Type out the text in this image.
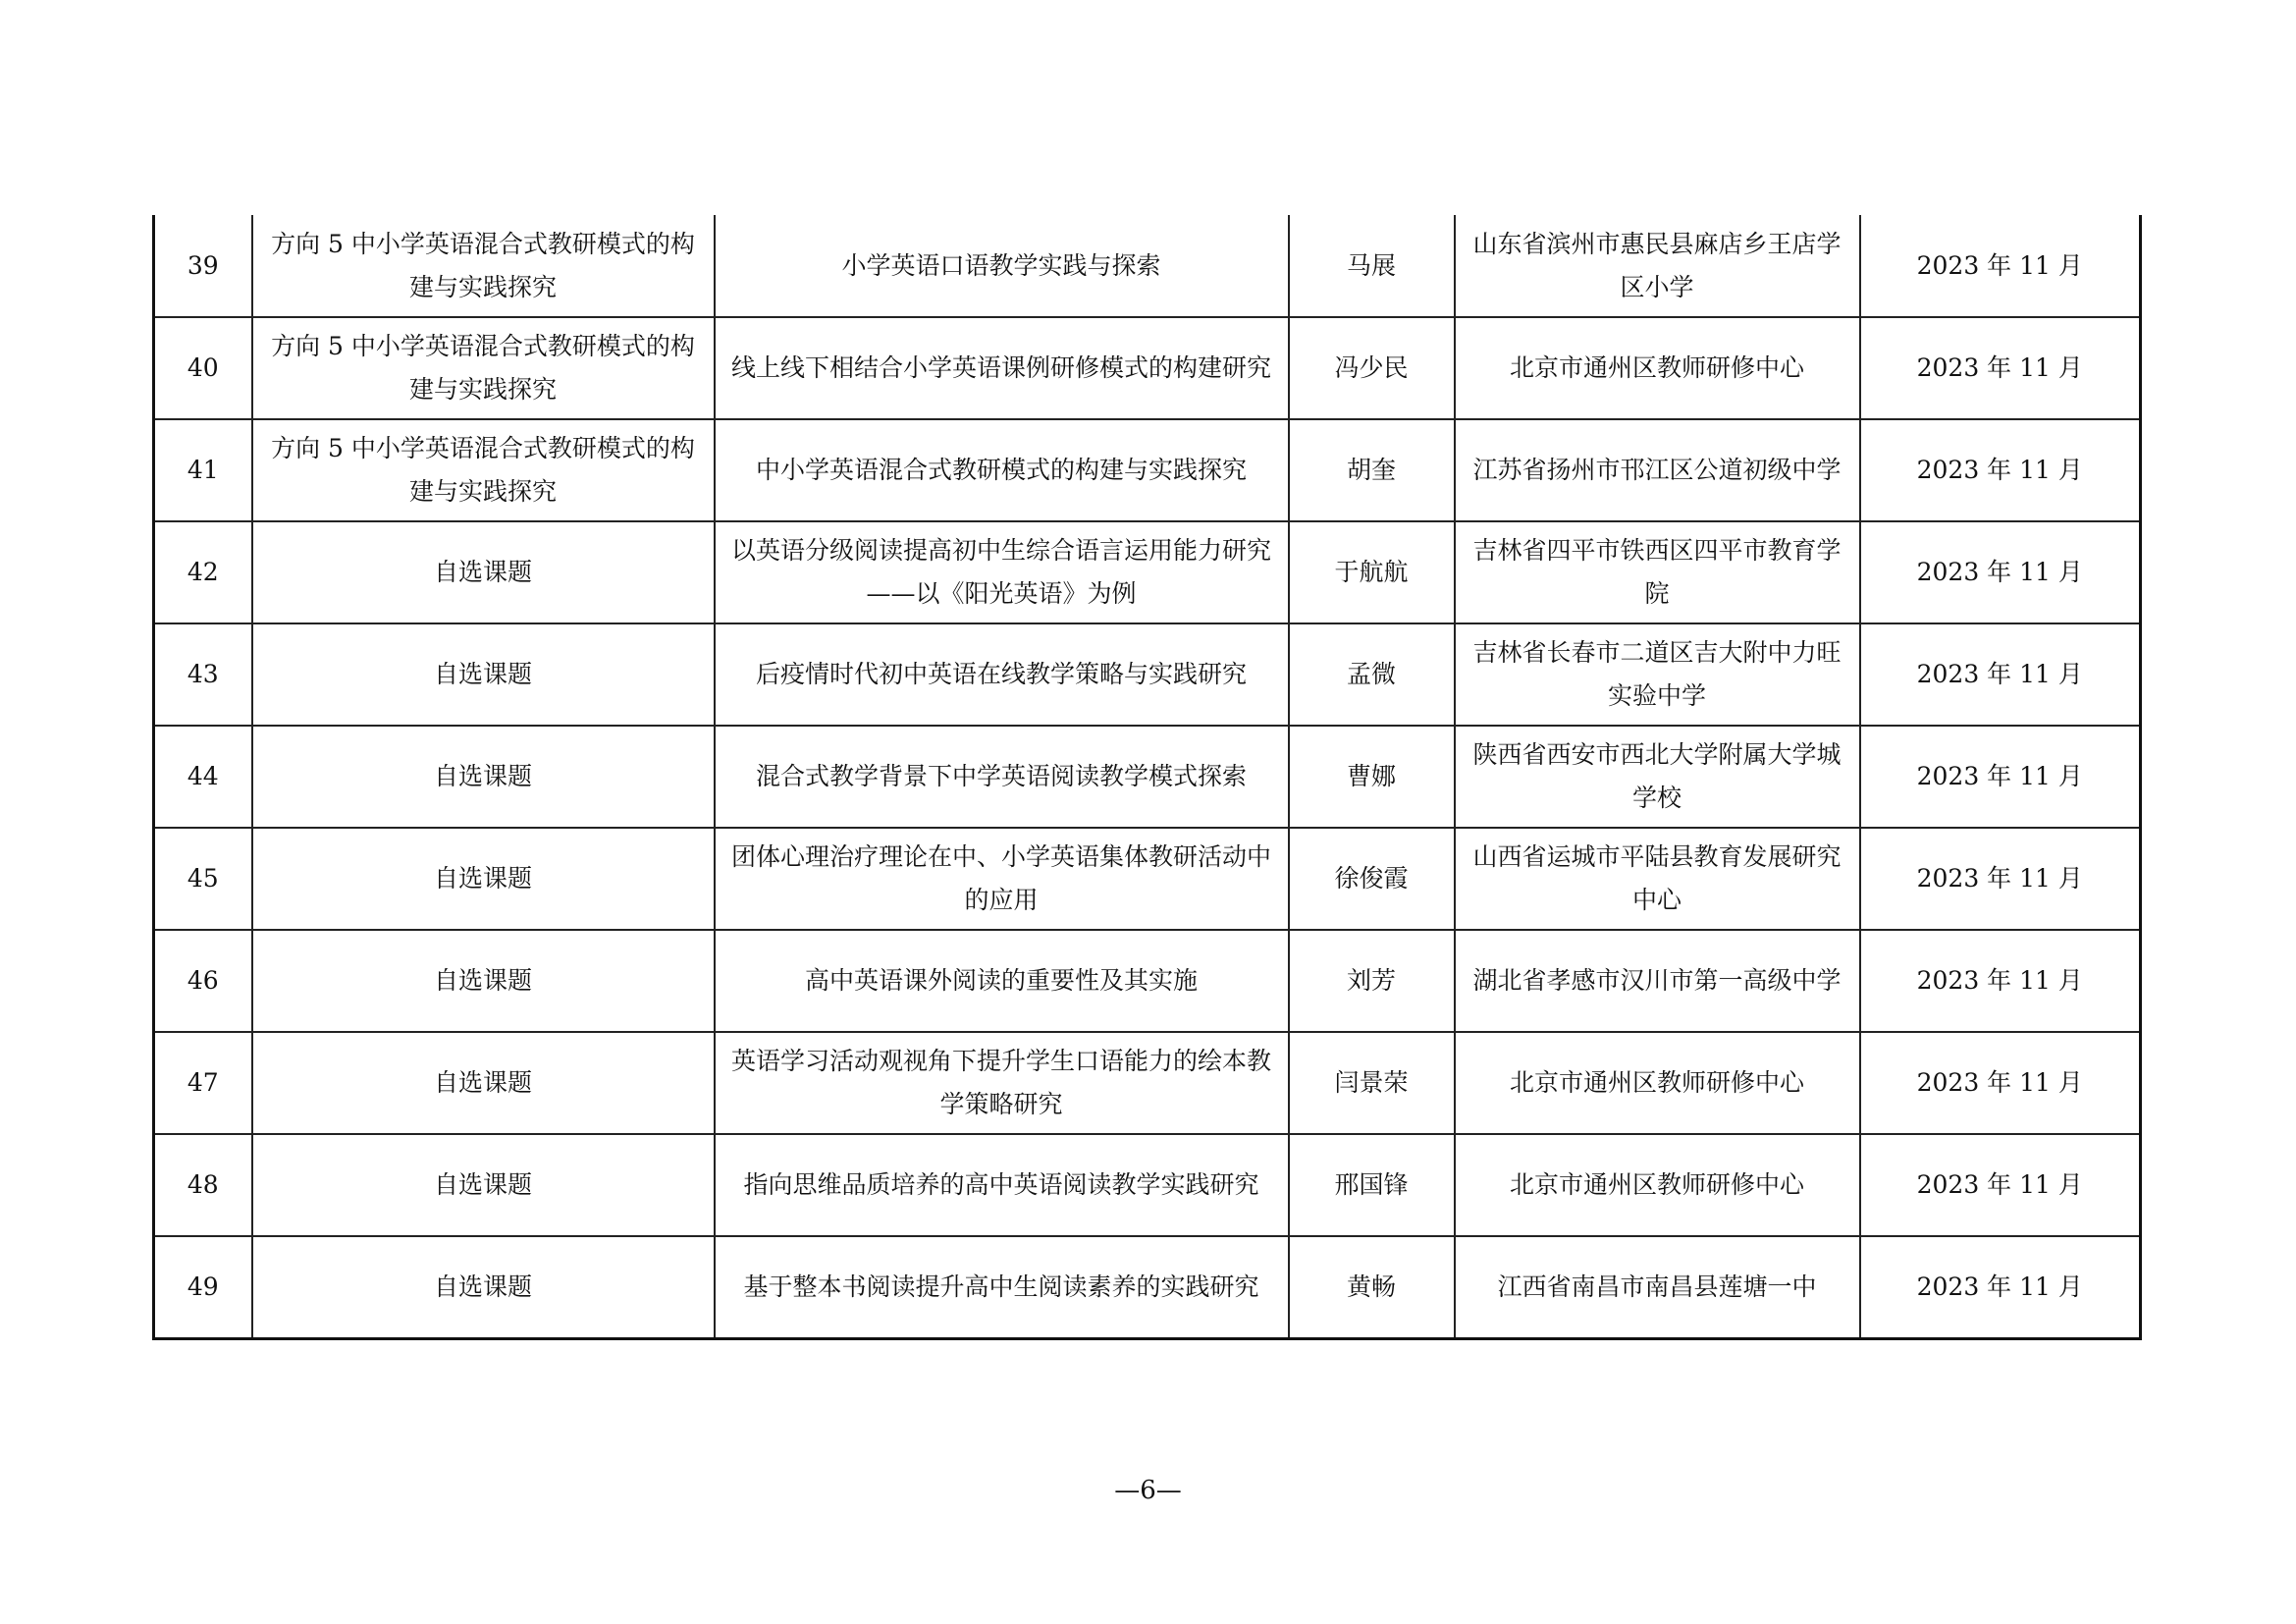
39	方向 5 中小学英语混合式教研模式的构建与实践探究	小学英语口语教学实践与探索	马展	山东省滨州市惠民县麻店乡王店学区小学	2023 年 11 月
40	方向 5 中小学英语混合式教研模式的构建与实践探究	线上线下相结合小学英语课例研修模式的构建研究	冯少民	北京市通州区教师研修中心	2023 年 11 月
41	方向 5 中小学英语混合式教研模式的构建与实践探究	中小学英语混合式教研模式的构建与实践探究	胡奎	江苏省扬州市邗江区公道初级中学	2023 年 11 月
42	自选课题	以英语分级阅读提高初中生综合语言运用能力研究——以《阳光英语》为例	于航航	吉林省四平市铁西区四平市教育学院	2023 年 11 月
43	自选课题	后疫情时代初中英语在线教学策略与实践研究	孟微	吉林省长春市二道区吉大附中力旺实验中学	2023 年 11 月
44	自选课题	混合式教学背景下中学英语阅读教学模式探索	曹娜	陕西省西安市西北大学附属大学城学校	2023 年 11 月
45	自选课题	团体心理治疗理论在中、小学英语集体教研活动中的应用	徐俊霞	山西省运城市平陆县教育发展研究中心	2023 年 11 月
46	自选课题	高中英语课外阅读的重要性及其实施	刘芳	湖北省孝感市汉川市第一高级中学	2023 年 11 月
47	自选课题	英语学习活动观视角下提升学生口语能力的绘本教学策略研究	闫景荣	北京市通州区教师研修中心	2023 年 11 月
48	自选课题	指向思维品质培养的高中英语阅读教学实践研究	邢国锋	北京市通州区教师研修中心	2023 年 11 月
49	自选课题	基于整本书阅读提升高中生阅读素养的实践研究	黄畅	江西省南昌市南昌县莲塘一中	2023 年 11 月
—6—
